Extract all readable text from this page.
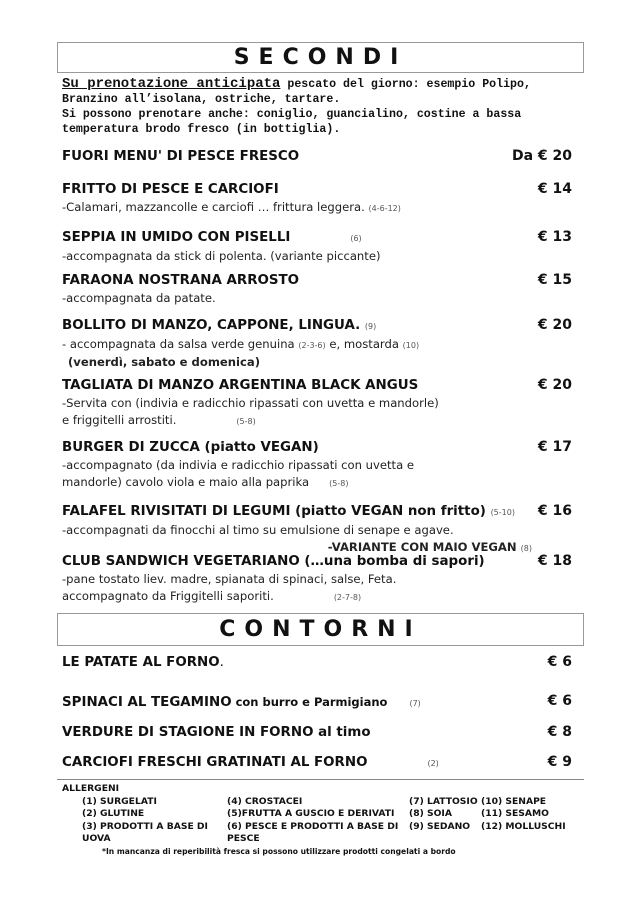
SECONDI
Su prenotazione anticipata pescato del giorno: esempio Polipo,
Branzino all’isolana, ostriche, tartare.
Si possono prenotare anche: coniglio, guancialino, costine a bassa
temperatura brodo fresco (in bottiglia).
FUORI MENU' DI PESCE FRESCO	Da € 20
FRITTO DI PESCE E CARCIOFI	€ 14
-Calamari, mazzancolle e carciofi … frittura leggera. (4-6-12)
SEPPIA IN UMIDO CON PISELLI	(6)	€ 13
-accompagnata da stick di polenta. (variante piccante)
FARAONA NOSTRANA ARROSTO	€ 15
-accompagnata da patate.
BOLLITO DI MANZO, CAPPONE, LINGUA. (9)	€ 20
- accompagnata da salsa verde genuina (2-3-6) e, mostarda (10)
(venerdì, sabato e domenica)
TAGLIATA DI MANZO ARGENTINA BLACK ANGUS	€ 20
-Servita con (indivia e radicchio ripassati con uvetta e mandorle)
e friggitelli arrostiti.	(5-8)
BURGER DI ZUCCA (piatto VEGAN)	€ 17
-accompagnato (da indivia e radicchio ripassati con uvetta e
mandorle) cavolo viola e maio alla paprika	(5-8)
FALAFEL RIVISITATI DI LEGUMI (piatto VEGAN non fritto) (5-10)	€ 16
-accompagnati da finocchi al timo su emulsione di senape e agave.
-VARIANTE CON MAIO VEGAN (8)
CLUB SANDWICH VEGETARIANO (…una bomba di sapori)	€ 18
-pane tostato liev. madre, spianata di spinaci, salse, Feta.
accompagnato da Friggitelli saporiti.	(2-7-8)
CONTORNI
LE PATATE AL FORNO.	€ 6
SPINACI AL TEGAMINO con burro e Parmigiano	(7)	€ 6
VERDURE DI STAGIONE IN FORNO al timo	€ 8
CARCIOFI FRESCHI GRATINATI AL FORNO	(2)	€ 9
ALLERGENI
(1) SURGELATI	(4) CROSTACEI	(7) LATTOSIO (10) SENAPE
(2) GLUTINE	(5)FRUTTA A GUSCIO E DERIVATI	(8) SOIA	(11) SESAMO
(3) PRODOTTI A BASE DI UOVA
(6) PESCE E PRODOTTI A BASE DI PESCE
(9) SEDANO	(12) MOLLUSCHI
*In mancanza di reperibilità fresca si possono utilizzare prodotti congelati a bordo
